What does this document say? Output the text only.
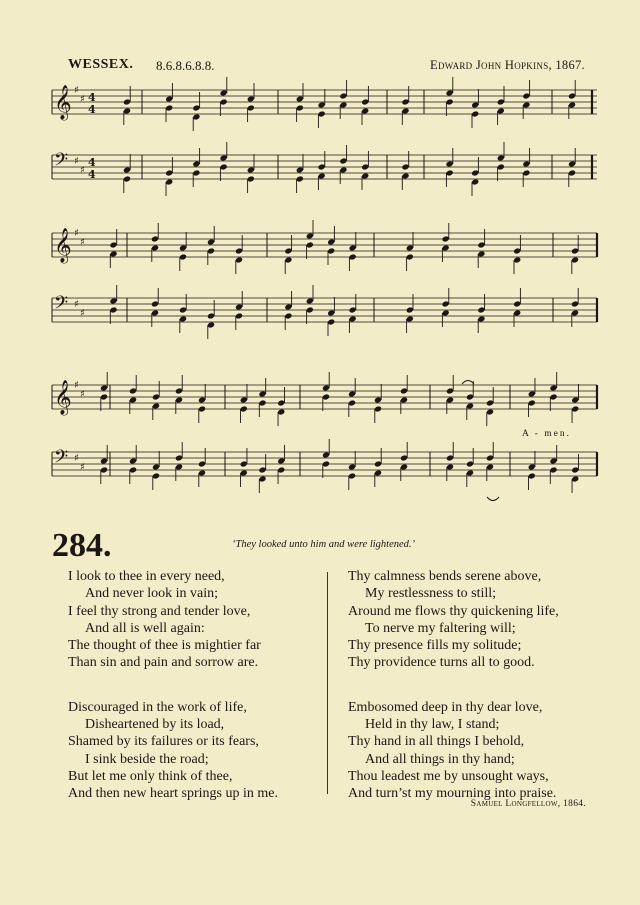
WESSEX. 8.6.8.6.8.8.	Edward John Hopkins, 1867.
𝄞 ♯
♯ 4
4
𝄢 ♯
♯
4
4
𝄞 ♯
♯
𝄢 ♯
♯
𝄞 ♯
♯
𝄢 ♯
♯
A - men.
284.	‘They looked unto him and were lightened.’
I look to thee in every need,
And never look in vain;
I feel thy strong and tender love,
And all is well again:
The thought of thee is mightier far
Than sin and pain and sorrow are.
Discouraged in the work of life,
Disheartened by its load,
Shamed by its failures or its fears,
I sink beside the road;
But let me only think of thee,
And then new heart springs up in me.
Thy calmness bends serene above,
My restlessness to still;
Around me flows thy quickening life,
To nerve my faltering will;
Thy presence fills my solitude;
Thy providence turns all to good.
Embosomed deep in thy dear love,
Held in thy law, I stand;
Thy hand in all things I behold,
And all things in thy hand;
Thou leadest me by unsought ways,
And turn’st my mourning into praise.
Samuel Longfellow, 1864.
